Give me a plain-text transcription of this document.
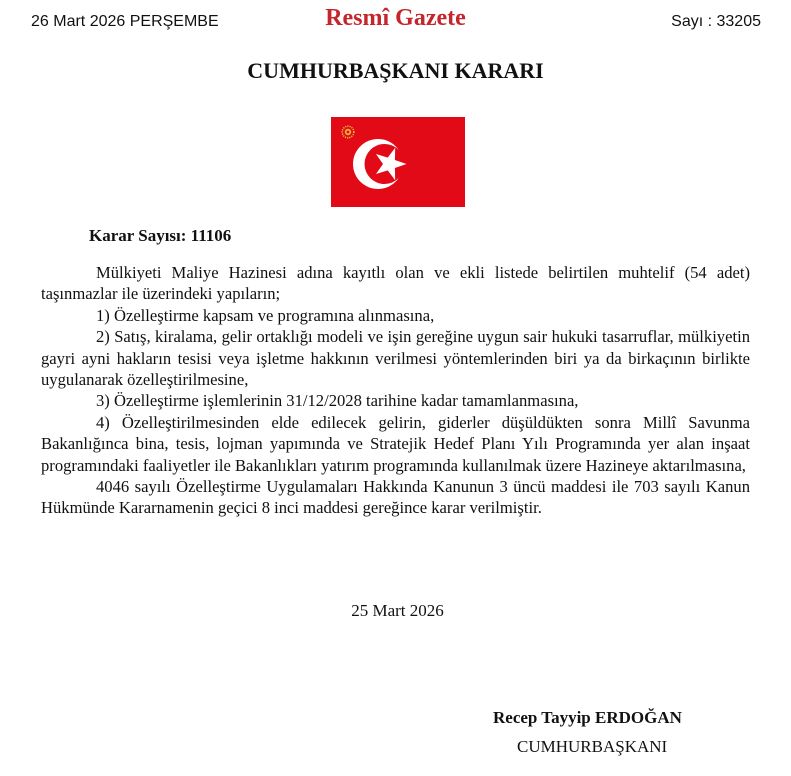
26 Mart 2026 PERŞEMBE	Resmî Gazete	Sayı : 33205
CUMHURBAŞKANI KARARI
Karar Sayısı: 11106

Mülkiyeti Maliye Hazinesi adına kayıtlı olan ve ekli listede belirtilen muhtelif (54 adet) taşınmazlar ile üzerindeki yapıların;

1) Özelleştirme kapsam ve programına alınmasına,

2) Satış, kiralama, gelir ortaklığı modeli ve işin gereğine uygun sair hukuki tasarruflar, mülkiyetin gayri ayni hakların tesisi veya işletme hakkının verilmesi yöntemlerinden biri ya da birkaçının birlikte uygulanarak özelleştirilmesine,

3) Özelleştirme işlemlerinin 31/12/2028 tarihine kadar tamamlanmasına,

4) Özelleştirilmesinden elde edilecek gelirin, giderler düşüldükten sonra Millî Savunma Bakanlığınca bina, tesis, lojman yapımında ve Stratejik Hedef Planı Yılı Programında yer alan inşaat programındaki faaliyetler ile Bakanlıkları yatırım programında kullanılmak üzere Hazineye aktarılmasına,

4046 sayılı Özelleştirme Uygulamaları Hakkında Kanunun 3 üncü maddesi ile 703 sayılı Kanun Hükmünde Kararnamenin geçici 8 inci maddesi gereğince karar verilmiştir.

25 Mart 2026
Recep Tayyip ERDOĞAN
CUMHURBAŞKANI
